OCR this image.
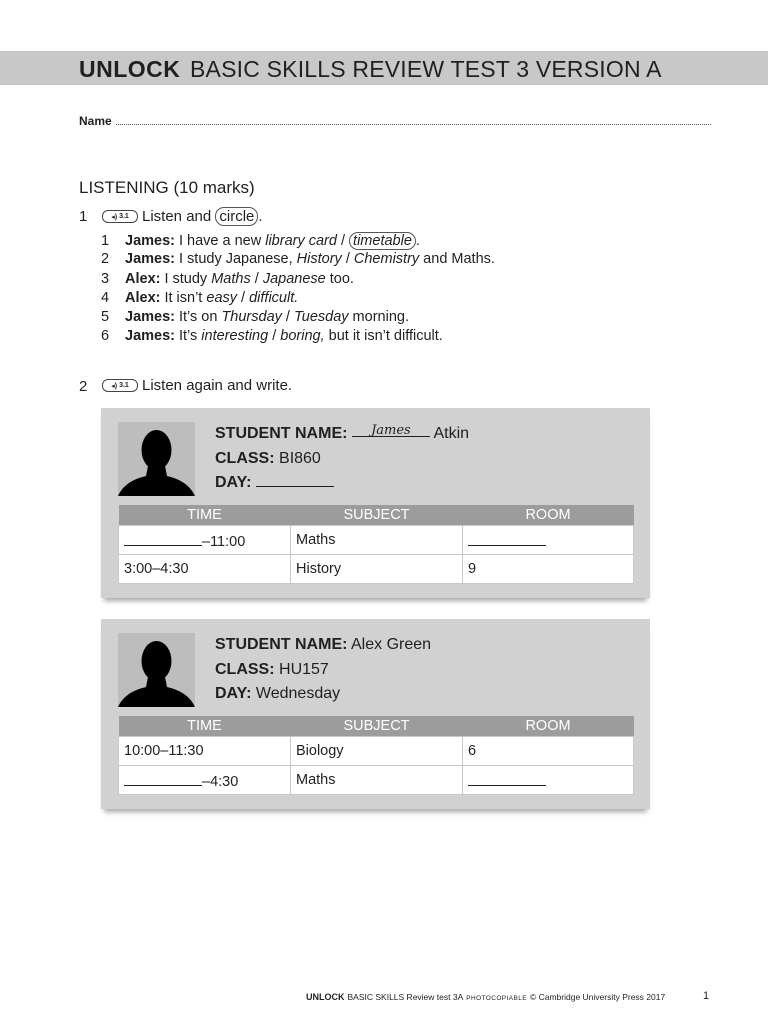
UNLOCK BASIC SKILLS REVIEW TEST 3 VERSION A
Name
LISTENING (10 marks)
1	◂) 3.1 Listen and circle .
1	James: I have a new library card / timetable .
2	James: I study Japanese, History / Chemistry and Maths.
3	Alex: I study Maths / Japanese too.
4	Alex: It isn’t easy / difficult.
5	James: It’s on Thursday / Tuesday morning.
6	James: It’s interesting / boring, but it isn’t difficult.
2	◂) 3.1 Listen again and write.
STUDENT NAME: $^{James}$ Atkin
CLASS: BI860
DAY:
TIME	SUBJECT	ROOM
–11:00	Maths	
3:00–4:30	History	9
STUDENT NAME: Alex Green
CLASS: HU157
DAY: Wednesday
TIME	SUBJECT	ROOM
10:00–11:30	Biology	6
–4:30	Maths	
UNLOCK BASIC SKILLS Review test 3A PHOTOCOPIABLE © Cambridge University Press 2017	1
